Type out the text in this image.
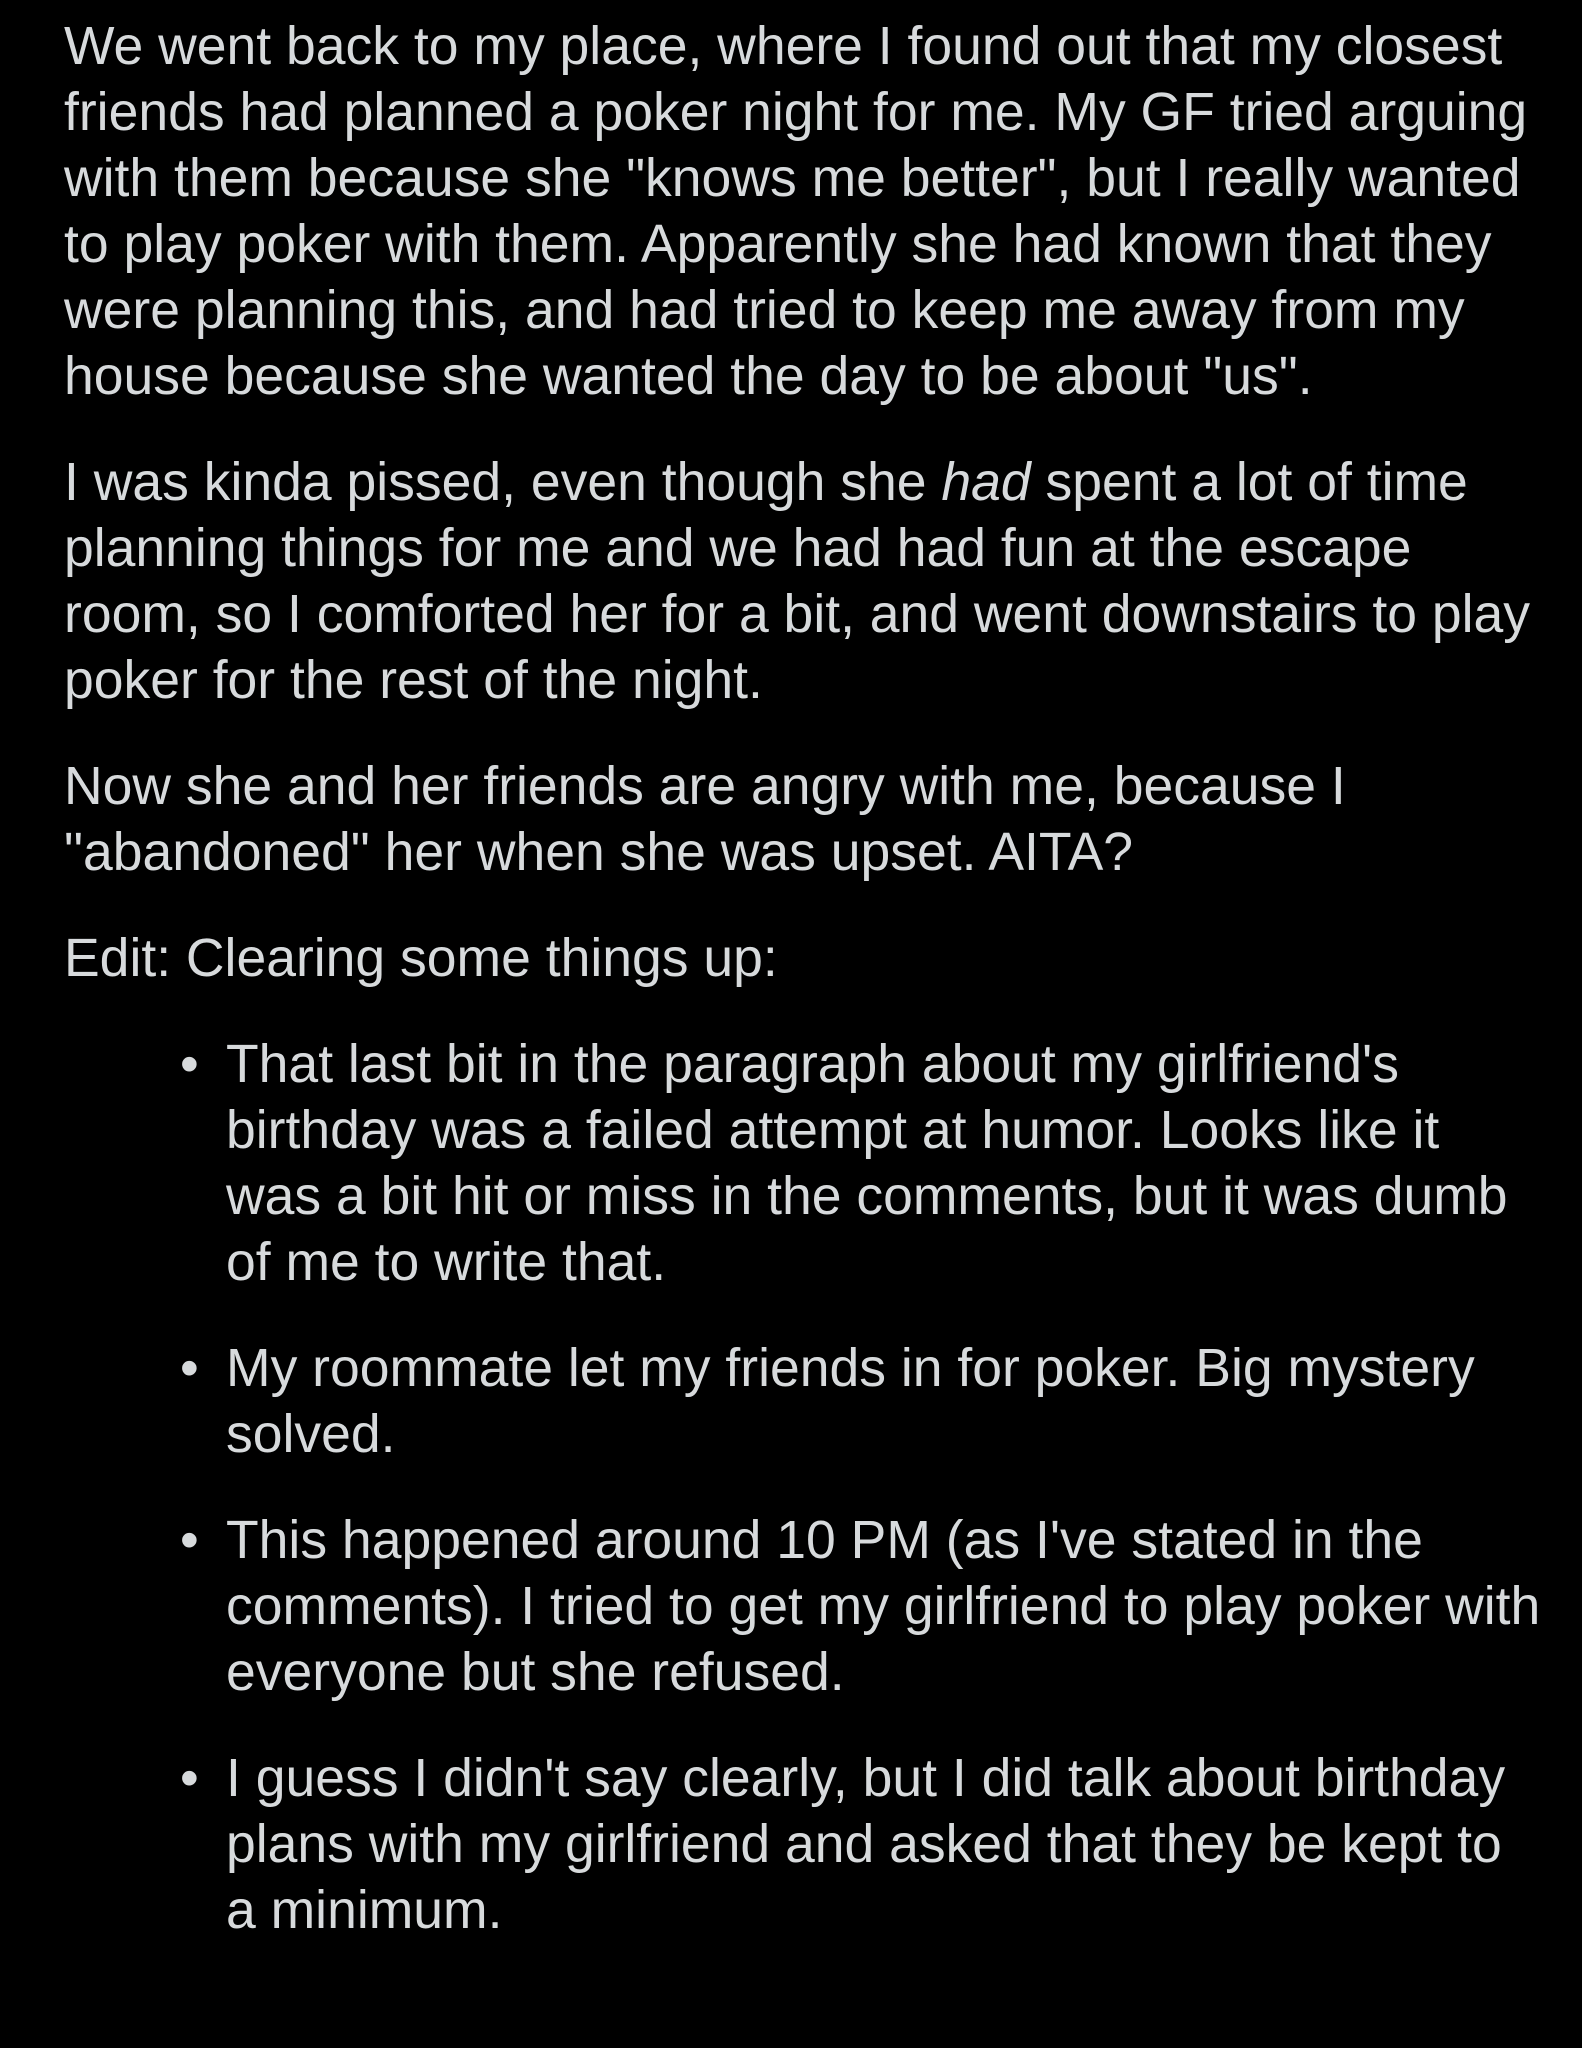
We went back to my place, where I found out that my closest friends had planned a poker night for me. My GF tried arguing with them because she "knows me better", but I really wanted to play poker with them. Apparently she had known that they were planning this, and had tried to keep me away from my house because she wanted the day to be about "us".

I was kinda pissed, even though she had spent a lot of time planning things for me and we had had fun at the escape room, so I comforted her for a bit, and went downstairs to play poker for the rest of the night.

Now she and her friends are angry with me, because I "abandoned" her when she was upset. AITA?

Edit: Clearing some things up:

• That last bit in the paragraph about my girlfriend's birthday was a failed attempt at humor. Looks like it was a bit hit or miss in the comments, but it was dumb of me to write that.
• My roommate let my friends in for poker. Big mystery solved.
• This happened around 10 PM (as I've stated in the comments). I tried to get my girlfriend to play poker with everyone but she refused.
• I guess I didn't say clearly, but I did talk about birthday plans with my girlfriend and asked that they be kept to a minimum.
